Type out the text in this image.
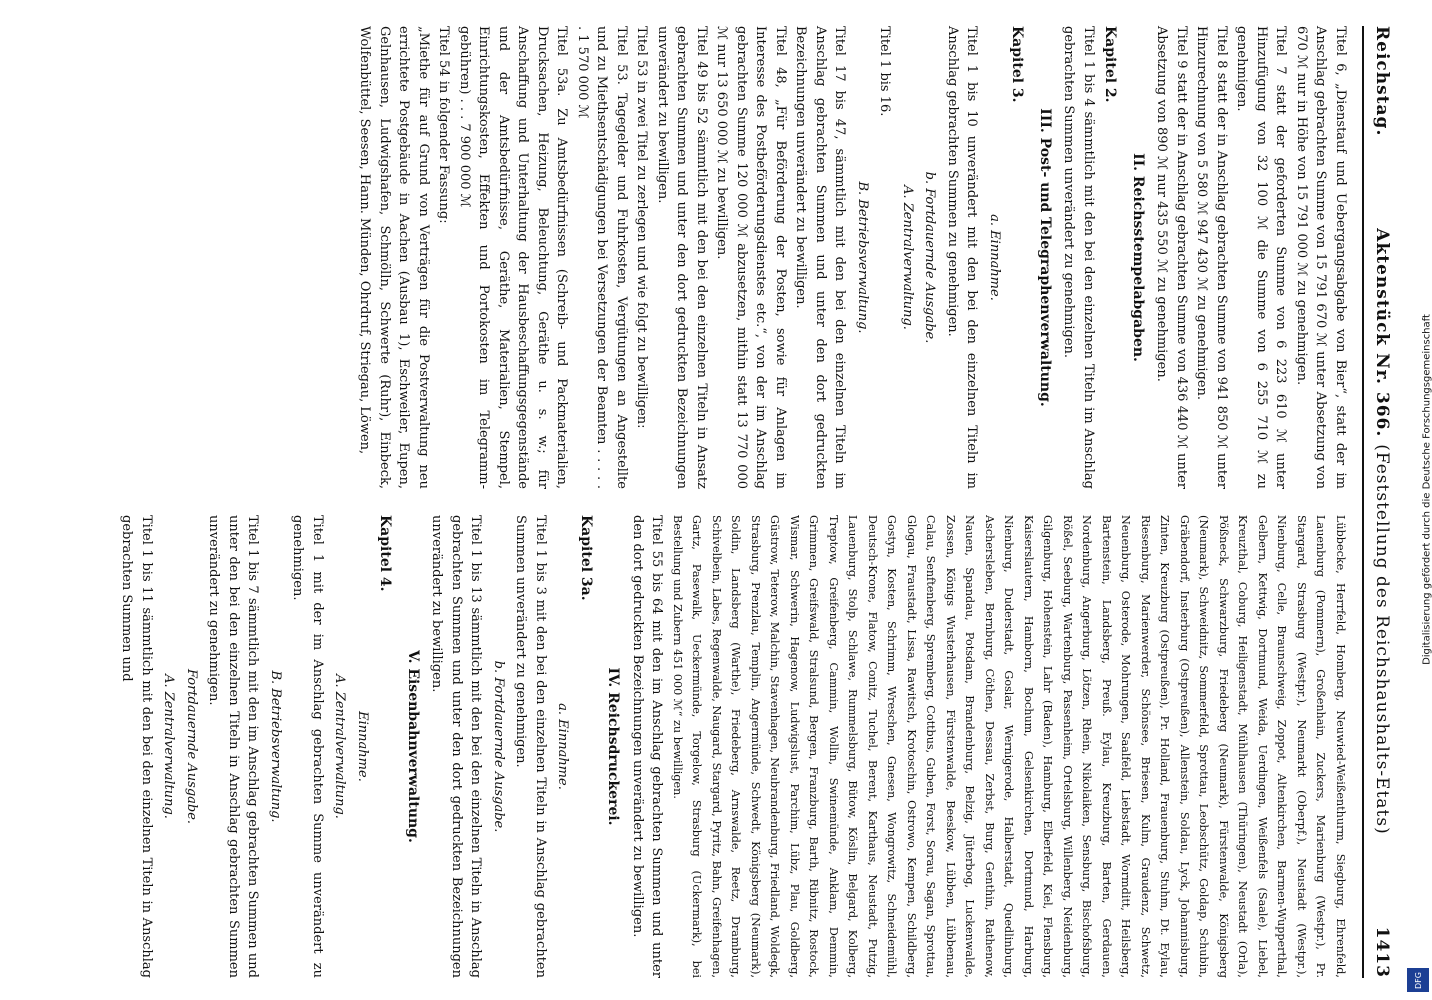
Reichstag.
Aktenstück Nr. 366. (Feststellung des Reichshaushalts-Etats)
1413

Titel 6, „Dienstauf und Uebergangsabgabe von Bier“, statt der im Anschlag gebrachten Summe von 15 791 670 ℳ unter Absetzung von 670 ℳ nur in Höhe von 15 791 000 ℳ zu genehmigen.

Titel 7 statt der geforderten Summe von 6 223 610 ℳ unter Hinzufügung von 32 100 ℳ die Summe von 6 255 710 ℳ zu genehmigen.

Titel 8 statt der in Anschlag gebrachten Summe von 941 850 ℳ unter Hinzurechnung von 5 580 ℳ 947 430 ℳ zu genehmigen.

Titel 9 statt der in Anschlag gebrachten Summe von 436 440 ℳ unter Absetzung von 890 ℳ nur 435 550 ℳ zu genehmigen.

II. Reichsstempelabgaben.
Kapitel 2.

Titel 1 bis 4 sämmtlich mit den bei den einzelnen Titeln im Anschlag gebrachten Summen unverändert zu genehmigen.

III. Post- und Telegraphenverwaltung.
Kapitel 3.
a. Einnahme.

Titel 1 bis 10 unverändert mit den bei den einzelnen Titeln im Anschlag gebrachten Summen zu genehmigen.

b. Fortdauernde Ausgabe.
A. Zentralverwaltung.

Titel 1 bis 16.

B. Betriebsverwaltung.

Titel 17 bis 47, sämmtlich mit den bei den einzelnen Titeln im Anschlag gebrachten Summen und unter den dort gedruckten Bezeichnungen unverändert zu bewilligen.

Titel 48, „Für Beförderung der Posten, sowie für Anlagen im Interesse des Postbeförderungsdienstes etc.“, von der im Anschlag gebrachten Summe 120 000 ℳ abzusetzen, mithin statt 13 770 000 ℳ nur 13 650 000 ℳ zu bewilligen.

Titel 49 bis 52 sämmtlich mit den bei den einzelnen Titeln in Ansatz gebrachten Summen und unter den dort gedruckten Bezeichnungen unverändert zu bewilligen.

Titel 53 in zwei Titel zu zerlegen und wie folgt zu bewilligen:

Titel 53. Tagegelder und Fuhrkosten, Vergütungen an Angestellte und zu Miethsentschädigungen bei Versetzungen der Beamten . . . . . . 1 570 000 ℳ

Titel 53a. Zu Amtsbedürfnissen (Schreib- und Packmaterialien, Drucksachen, Heizung, Beleuchtung, Geräthe u. s. w.; für Anschaffung und Unterhaltung der Hausbeschaffungsgegenstände und der Amtsbedürfnisse, Geräthe, Materialien, Stempel, Einrichtungskosten, Effekten und Portokosten im Telegramm-gebühren) . . . 7 900 000 ℳ

Titel 54 in folgender Fassung:

„Miethe für auf Grund von Verträgen für die Postverwaltung neu errichtete Postgebäude in Aachen (Ausbau 1), Eschweiler, Eupen, Gelnhausen, Ludwigshafen, Schmölln, Schwerte (Ruhr), Einbeck, Wolfenbüttel, Seesen, Hann. Münden, Ohrdruf, Striegau, Löwen,

Lübbecke, Herrfeld, Homberg, Neuwied-Weißenthurm, Siegburg, Ehrenfeld, Lauenburg (Pommern), Großenhain, Zuckers, Marienburg (Westpr.), Pr. Stargard, Strasburg (Westpr.), Neumarkt (Oberpf.), Neustadt (Westpr.), Nienburg, Celle, Braunschweig, Zoppot, Altenkirchen, Barmen-Wupperthal, Gelbern, Kettwig, Dortmund, Weida, Uerdingen, Weißenfels (Saale), Liebel, Kreuzthal, Coburg, Heiligenstadt, Mühlhausen (Thüringen), Neustadt (Orla), Pößneck, Schwarzburg, Friedeberg (Neumark), Fürstenwalde, Königsberg (Neumark), Schweidnitz, Sommerfeld, Sprottau, Leobschütz, Goldap, Schubin, Gräbendorf, Insterburg (Ostpreußen), Allenstein, Soldau, Lyck, Johannisburg, Zinten, Kreuzburg (Ostpreußen), Pr. Holland, Frauenburg, Stuhm, Dt. Eylau, Riesenburg, Marienwerder, Schönsee, Briesen, Kulm, Graudenz, Schwetz, Neuenburg, Osterode, Mohrungen, Saalfeld, Liebstadt, Wormditt, Heilsberg, Bartenstein, Landsberg, Preuß. Eylau, Kreuzburg, Barten, Gerdauen, Nordenburg, Angerburg, Lötzen, Rhein, Nikolaiken, Sensburg, Bischofsburg, Rößel, Seeburg, Wartenburg, Passenheim, Ortelsburg, Willenberg, Neidenburg, Gilgenburg, Hohenstein, Lahr (Baden), Hamburg, Elberfeld, Kiel, Flensburg, Kaiserslautern, Hamborn, Bochum, Gelsenkirchen, Dortmund, Harburg, Nienburg, Duderstadt, Goslar, Wernigerode, Halberstadt, Quedlinburg, Aschersleben, Bernburg, Cöthen, Dessau, Zerbst, Burg, Genthin, Rathenow, Nauen, Spandau, Potsdam, Brandenburg, Belzig, Jüterbog, Luckenwalde, Zossen, Königs Wusterhausen, Fürstenwalde, Beeskow, Lübben, Lübbenau, Calau, Senftenberg, Spremberg, Cottbus, Guben, Forst, Sorau, Sagan, Sprottau, Glogau, Fraustadt, Lissa, Rawitsch, Krotoschin, Ostrowo, Kempen, Schildberg, Gostyn, Kosten, Schrimm, Wreschen, Gnesen, Wongrowitz, Schneidemühl, Deutsch-Krone, Flatow, Conitz, Tuchel, Berent, Karthaus, Neustadt, Putzig, Lauenburg, Stolp, Schlawe, Rummelsburg, Bütow, Köslin, Belgard, Kolberg, Treptow, Greifenberg, Cammin, Wollin, Swinemünde, Anklam, Demmin, Grimmen, Greifswald, Stralsund, Bergen, Franzburg, Barth, Ribnitz, Rostock, Wismar, Schwerin, Hagenow, Ludwigslust, Parchim, Lübz, Plau, Goldberg, Güstrow, Teterow, Malchin, Stavenhagen, Neubrandenburg, Friedland, Woldegk, Strasburg, Prenzlau, Templin, Angermünde, Schwedt, Königsberg (Neumark), Soldin, Landsberg (Warthe), Friedeberg, Arnswalde, Reetz, Dramburg, Schivelbein, Labes, Regenwalde, Naugard, Stargard, Pyritz, Bahn, Greifenhagen, Gartz, Pasewalk, Ueckermünde, Torgelow, Strasburg (Uckermark), bei Bestellung und Zubern 451 000 ℳ“ zu bewilligen.

Titel 55 bis 64 mit den im Anschlag gebrachten Summen und unter den dort gedruckten Bezeichnungen unverändert zu bewilligen.

IV. Reichsdruckerei.
Kapitel 3a.
a. Einnahme.

Titel 1 bis 3 mit den bei den einzelnen Titeln in Anschlag gebrachten Summen unverändert zu genehmigen.

b. Fortdauernde Ausgabe.

Titel 1 bis 13 sämmtlich mit den bei den einzelnen Titeln in Anschlag gebrachten Summen und unter den dort gedruckten Bezeichnungen unverändert zu bewilligen.

V. Eisenbahnverwaltung.
Kapitel 4.
Einnahme.
A. Zentralverwaltung.

Titel 1 mit der im Anschlag gebrachten Summe unverändert zu genehmigen.

B. Betriebsverwaltung.

Titel 1 bis 7 sämmtlich mit den im Anschlag gebrachten Summen und unter den bei den einzelnen Titeln in Anschlag gebrachten Summen unverändert zu genehmigen.

Fortdauernde Ausgabe.
A. Zentralverwaltung.

Titel 1 bis 11 sämmtlich mit den bei den einzelnen Titeln in Anschlag gebrachten Summen und	Digitalisierung gefördert durch die Deutsche Forschungsgemeinschaft
DFG
